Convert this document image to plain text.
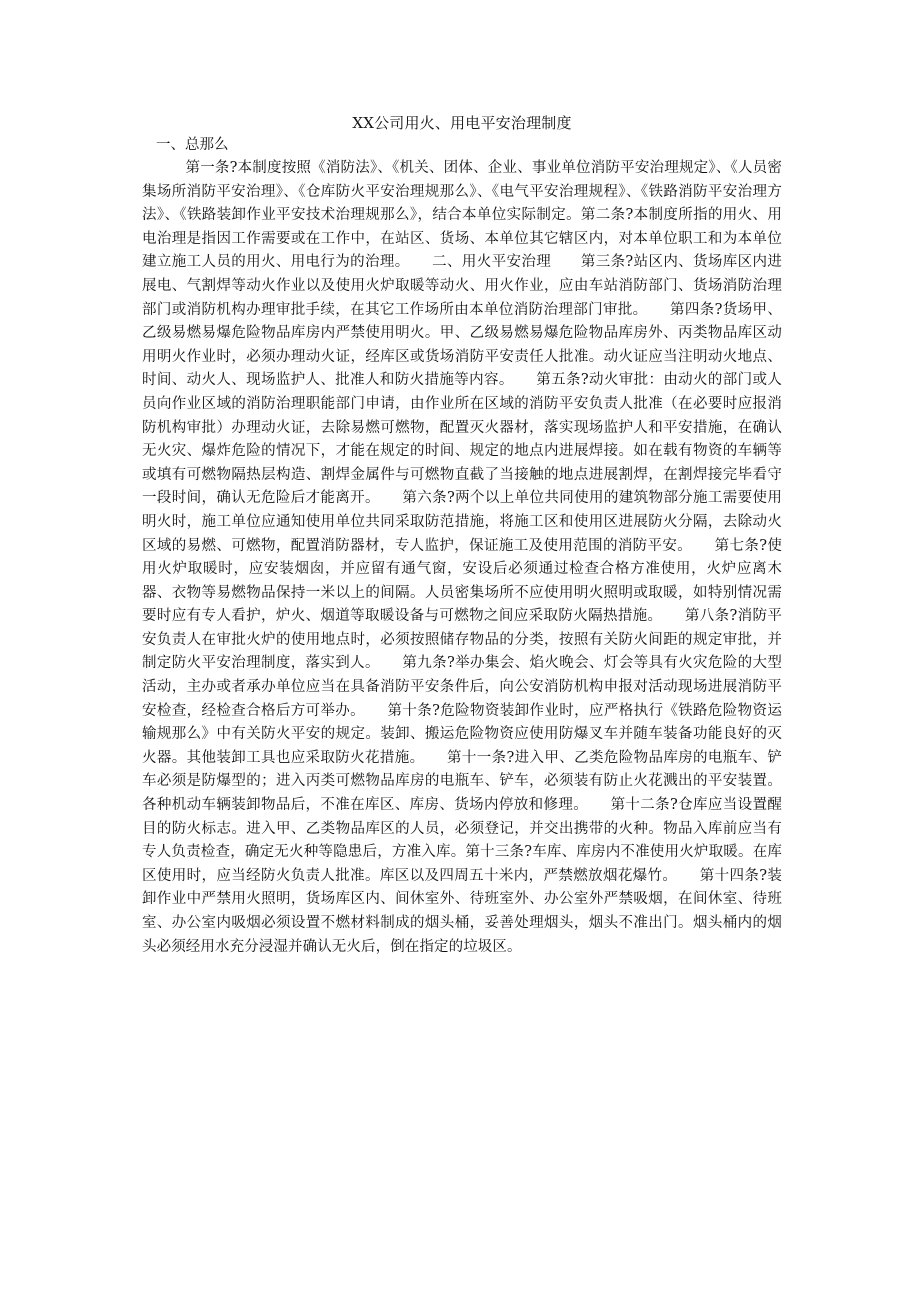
XX公司用火、用电平安治理制度

一、总那么

第一条?本制度按照《消防法》、《机关、团体、企业、事业单位消防平安治理规定》、《人员密集场所消防平安治理》、《仓库防火平安治理规那么》、《电气平安治理规程》、《铁路消防平安治理方法》、《铁路装卸作业平安技术治理规那么》，结合本单位实际制定。第二条?本制度所指的用火、用电治理是指因工作需要或在工作中，在站区、货场、本单位其它辖区内，对本单位职工和为本单位建立施工人员的用火、用电行为的治理。　　二、用火平安治理　　第三条?站区内、货场库区内进展电、气割焊等动火作业以及使用火炉取暖等动火、用火作业，应由车站消防部门、货场消防治理部门或消防机构办理审批手续，在其它工作场所由本单位消防治理部门审批。　　第四条?货场甲、乙级易燃易爆危险物品库房内严禁使用明火。甲、乙级易燃易爆危险物品库房外、丙类物品库区动用明火作业时，必须办理动火证，经库区或货场消防平安责任人批准。动火证应当注明动火地点、时间、动火人、现场监护人、批准人和防火措施等内容。　　第五条?动火审批：由动火的部门或人员向作业区域的消防治理职能部门申请，由作业所在区域的消防平安负责人批准（在必要时应报消防机构审批）办理动火证，去除易燃可燃物，配置灭火器材，落实现场监护人和平安措施，在确认无火灾、爆炸危险的情况下，才能在规定的时间、规定的地点内进展焊接。如在载有物资的车辆等或填有可燃物隔热层构造、割焊金属件与可燃物直截了当接触的地点进展割焊，在割焊接完毕看守一段时间，确认无危险后才能离开。　　第六条?两个以上单位共同使用的建筑物部分施工需要使用明火时，施工单位应通知使用单位共同采取防范措施，将施工区和使用区进展防火分隔，去除动火区域的易燃、可燃物，配置消防器材，专人监护，保证施工及使用范围的消防平安。　　第七条?使用火炉取暖时，应安装烟囱，并应留有通气窗，安设后必须通过检查合格方准使用，火炉应离木器、衣物等易燃物品保持一米以上的间隔。人员密集场所不应使用明火照明或取暖，如特别情况需要时应有专人看护，炉火、烟道等取暖设备与可燃物之间应采取防火隔热措施。　　第八条?消防平安负责人在审批火炉的使用地点时，必须按照储存物品的分类，按照有关防火间距的规定审批，并制定防火平安治理制度，落实到人。　　第九条?举办集会、焰火晚会、灯会等具有火灾危险的大型活动，主办或者承办单位应当在具备消防平安条件后，向公安消防机构申报对活动现场进展消防平安检查，经检查合格后方可举办。　　第十条?危险物资装卸作业时，应严格执行《铁路危险物资运输规那么》中有关防火平安的规定。装卸、搬运危险物资应使用防爆叉车并随车装备功能良好的灭火器。其他装卸工具也应采取防火花措施。　　第十一条?进入甲、乙类危险物品库房的电瓶车、铲车必须是防爆型的；进入丙类可燃物品库房的电瓶车、铲车，必须装有防止火花溅出的平安装置。各种机动车辆装卸物品后，不准在库区、库房、货场内停放和修理。　　第十二条?仓库应当设置醒目的防火标志。进入甲、乙类物品库区的人员，必须登记，并交出携带的火种。物品入库前应当有专人负责检查，确定无火种等隐患后，方准入库。第十三条?车库、库房内不准使用火炉取暖。在库区使用时，应当经防火负责人批准。库区以及四周五十米内，严禁燃放烟花爆竹。　　第十四条?装卸作业中严禁用火照明，货场库区内、间休室外、待班室外、办公室外严禁吸烟，在间休室、待班室、办公室内吸烟必须设置不燃材料制成的烟头桶，妥善处理烟头，烟头不准出门。烟头桶内的烟头必须经用水充分浸湿并确认无火后，倒在指定的垃圾区。
